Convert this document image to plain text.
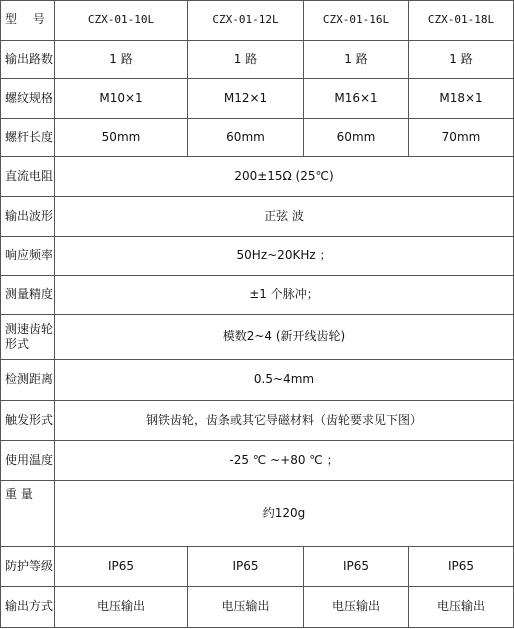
型 号	CZX-01-10L	CZX-01-12L	CZX-01-16L	CZX-01-18L
输出路数	1 路	1 路	1 路	1 路
螺纹规格	M10×1	M12×1	M16×1	M18×1
螺杆长度	50mm	60mm	60mm	70mm
直流电阻	200±15Ω (25℃)			
输出波形	正弦 波			
响应频率	50Hz~20KHz ；			
测量精度	±1 个脉冲；			
测速齿轮形式	模数2~4 (新开线齿轮)			
检测距离	0.5~4mm			
触发形式	钢铁齿轮，齿条或其它导磁材料（齿轮要求见下图）			
使用温度	-25 ℃ ~+80 ℃ ；			
重 量	约120g			
防护等级	IP65	IP65	IP65	IP65
输出方式	电压输出	电压输出	电压输出	电压输出
